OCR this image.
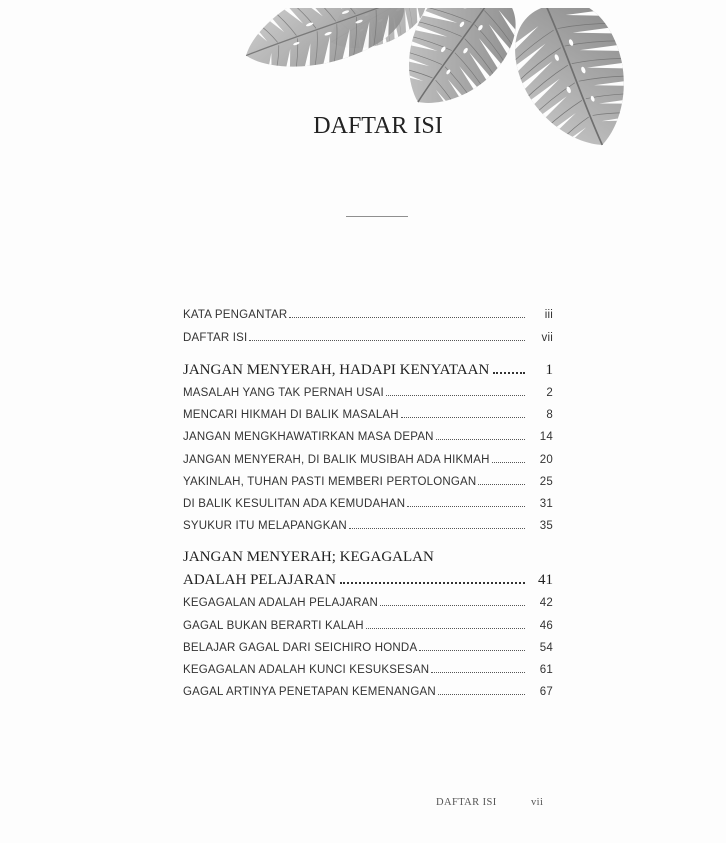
DAFTAR ISI
KATA PENGANTAR	iii
DAFTAR ISI	vii
JANGAN MENYERAH, HADAPI KENYATAAN	1
MASALAH YANG TAK PERNAH USAI	2
MENCARI HIKMAH DI BALIK MASALAH	8
JANGAN MENGKHAWATIRKAN MASA DEPAN	14
JANGAN MENYERAH, DI BALIK MUSIBAH ADA HIKMAH	20
YAKINLAH, TUHAN PASTI MEMBERI PERTOLONGAN	25
DI BALIK KESULITAN ADA KEMUDAHAN	31
SYUKUR ITU MELAPANGKAN	35
JANGAN MENYERAH; KEGAGALAN
ADALAH PELAJARAN	41
KEGAGALAN ADALAH PELAJARAN	42
GAGAL BUKAN BERARTI KALAH	46
BELAJAR GAGAL DARI SEICHIRO HONDA	54
KEGAGALAN ADALAH KUNCI KESUKSESAN	61
GAGAL ARTINYA PENETAPAN KEMENANGAN	67
DAFTAR ISI	vii
